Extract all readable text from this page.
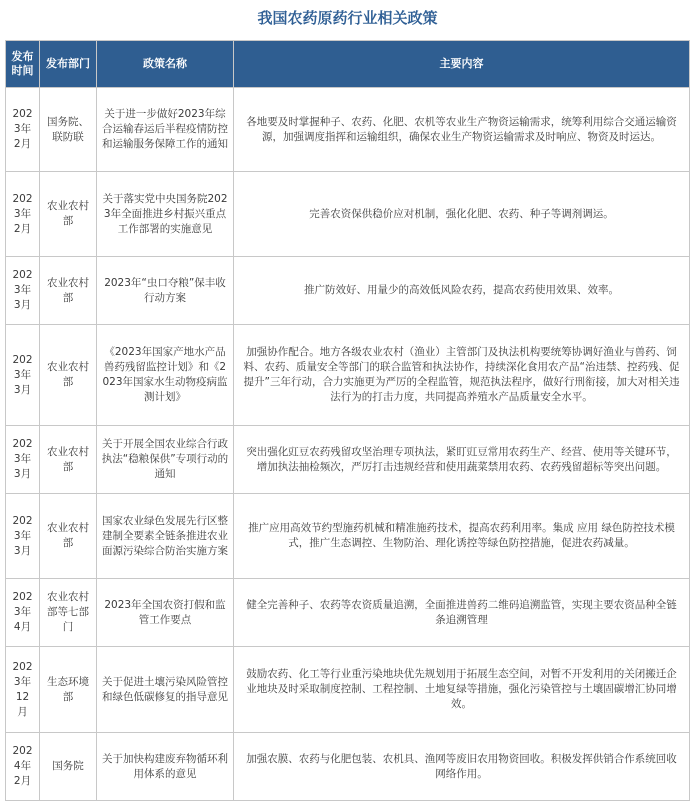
我国农药原药行业相关政策
发布时间	发布部门	政策名称	主要内容
2023年2月	国务院、联防联	关于进一步做好2023年综合运输春运后半程疫情防控和运输服务保障工作的通知	各地要及时掌握种子、农药、化肥、农机等农业生产物资运输需求，统筹利用综合交通运输资源，加强调度指挥和运输组织，确保农业生产物资运输需求及时响应、物资及时运达。
2023年2月	农业农村部	关于落实党中央国务院2023年全面推进乡村振兴重点工作部署的实施意见	完善农资保供稳价应对机制，强化化肥、农药、种子等调剂调运。
2023年3月	农业农村部	2023年“虫口夺粮”保丰收行动方案	推广防效好、用量少的高效低风险农药，提高农药使用效果、效率。
2023年3月	农业农村部	《2023年国家产地水产品兽药残留监控计划》和《2023年国家水生动物疫病监测计划》	加强协作配合。地方各级农业农村（渔业）主管部门及执法机构要统筹协调好渔业与兽药、饲料、农药、质量安全等部门的联合监管和执法协作，持续深化食用农产品“治违禁、控药残、促提升”三年行动，合力实施更为严厉的全程监管，规范执法程序，做好行刑衔接，加大对相关违法行为的打击力度，共同提高养殖水产品质量安全水平。
2023年3月	农业农村部	关于开展全国农业综合行政执法“稳粮保供”专项行动的通知	突出强化豇豆农药残留攻坚治理专项执法，紧盯豇豆常用农药生产、经营、使用等关键环节，增加执法抽检频次，严厉打击违规经营和使用蔬菜禁用农药、农药残留超标等突出问题。
2023年3月	农业农村部	国家农业绿色发展先行区整建制全要素全链条推进农业面源污染综合防治实施方案	推广应用高效节约型施药机械和精准施药技术，提高农药利用率。集成 应用 绿色防控技术模式，推广生态调控、生物防治、理化诱控等绿色防控措施，促进农药减量。
2023年4月	农业农村部等七部门	2023年全国农资打假和监管工作要点	健全完善种子、农药等农资质量追溯，全面推进兽药二维码追溯监管，实现主要农资品种全链条追溯管理
2023年12月	生态环境部	关于促进土壤污染风险管控和绿色低碳修复的指导意见	鼓励农药、化工等行业重污染地块优先规划用于拓展生态空间，对暂不开发利用的关闭搬迁企业地块及时采取制度控制、工程控制、土地复绿等措施，强化污染管控与土壤固碳增汇协同增效。
2024年2月	国务院	关于加快构建废弃物循环利用体系的意见	加强农膜、农药与化肥包装、农机具、渔网等废旧农用物资回收。积极发挥供销合作系统回收网络作用。
